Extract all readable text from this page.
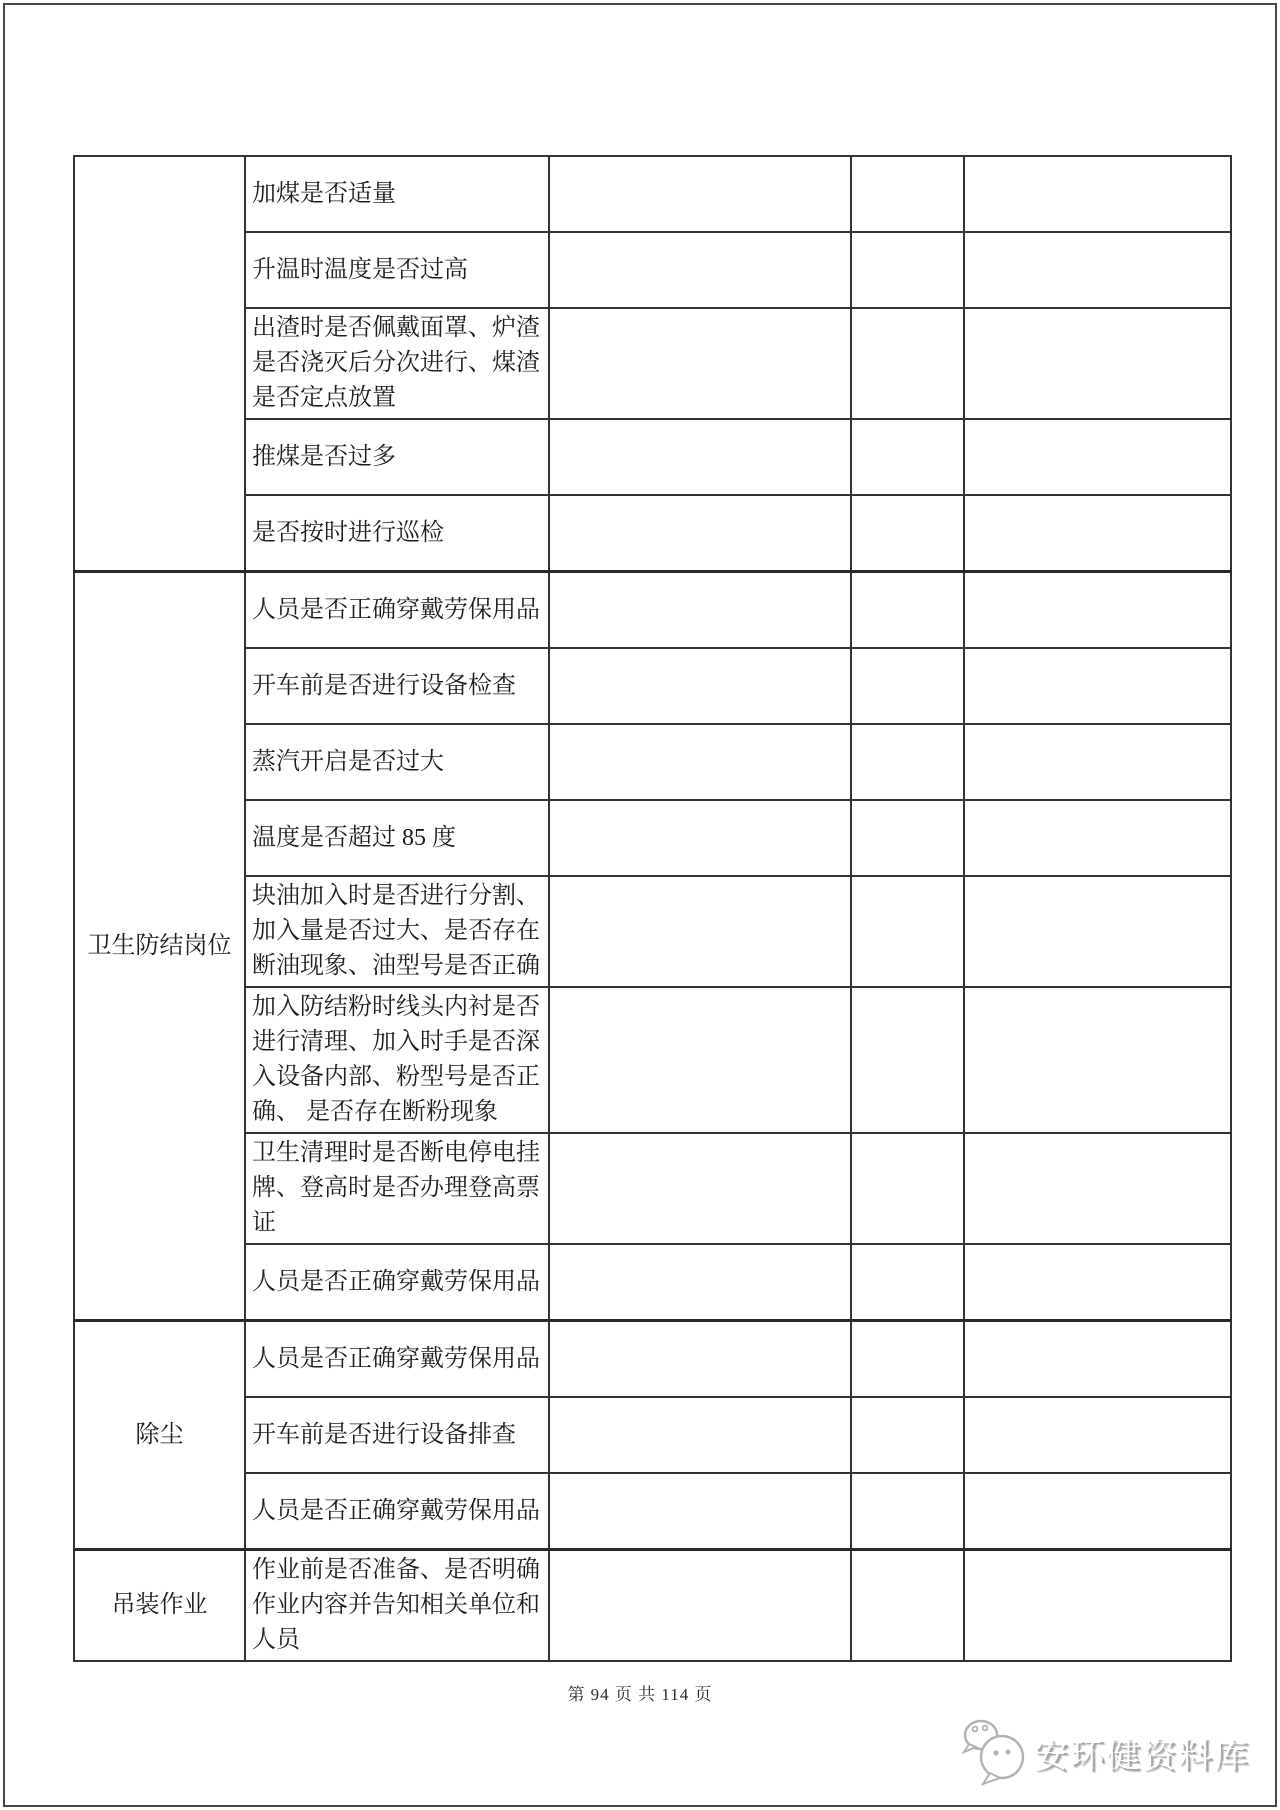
	加煤是否适量			
	升温时温度是否过高			
	出渣时是否佩戴面罩、炉渣是否浇灭后分次进行、煤渣是否定点放置			
	推煤是否过多			
	是否按时进行巡检			
卫生防结岗位	人员是否正确穿戴劳保用品			
	开车前是否进行设备检查			
	蒸汽开启是否过大			
	温度是否超过 85 度			
	块油加入时是否进行分割、加入量是否过大、是否存在断油现象、油型号是否正确			
	加入防结粉时线头内衬是否进行清理、加入时手是否深入设备内部、粉型号是否正确、 是否存在断粉现象			
	卫生清理时是否断电停电挂牌、登高时是否办理登高票证			
	人员是否正确穿戴劳保用品			
除尘	人员是否正确穿戴劳保用品			
	开车前是否进行设备排查			
	人员是否正确穿戴劳保用品			
吊装作业	作业前是否准备、是否明确作业内容并告知相关单位和人员			
第 94 页 共 114 页
安环健资料库
